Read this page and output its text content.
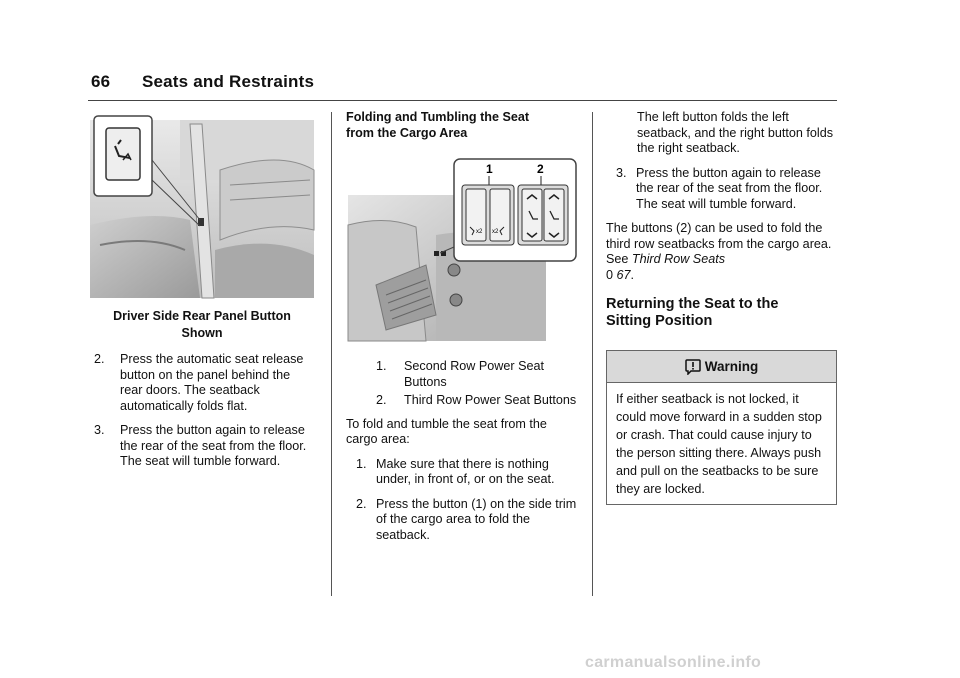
66 Seats and Restraints
Driver Side Rear Panel Button
Shown
2.	Press the automatic seat release button on the panel behind the rear doors. The seatback automatically folds flat.
3.	Press the button again to release the rear of the seat from the floor. The seat will tumble forward.
Folding and Tumbling the Seat
from the Cargo Area
1	2
x2 x2
1.	Second Row Power Seat Buttons
2.	Third Row Power Seat Buttons

To fold and tumble the seat from the cargo area:

1. Make sure that there is nothing under, in front of, or on the seat.
2. Press the button (1) on the side trim of the cargo area to fold the seatback.

The left button folds the left seatback, and the right button folds the right seatback.

3. Press the button again to release the rear of the seat from the floor. The seat will tumble forward.

The buttons (2) can be used to fold the third row seatbacks from the cargo area. See Third Row Seats
0 67.

Returning the Seat to the
Sitting Position
Warning
If either seatback is not locked, it could move forward in a sudden stop or crash. That could cause injury to the person sitting there. Always push and pull on the seatbacks to be sure they are locked.
carmanualsonline.info
